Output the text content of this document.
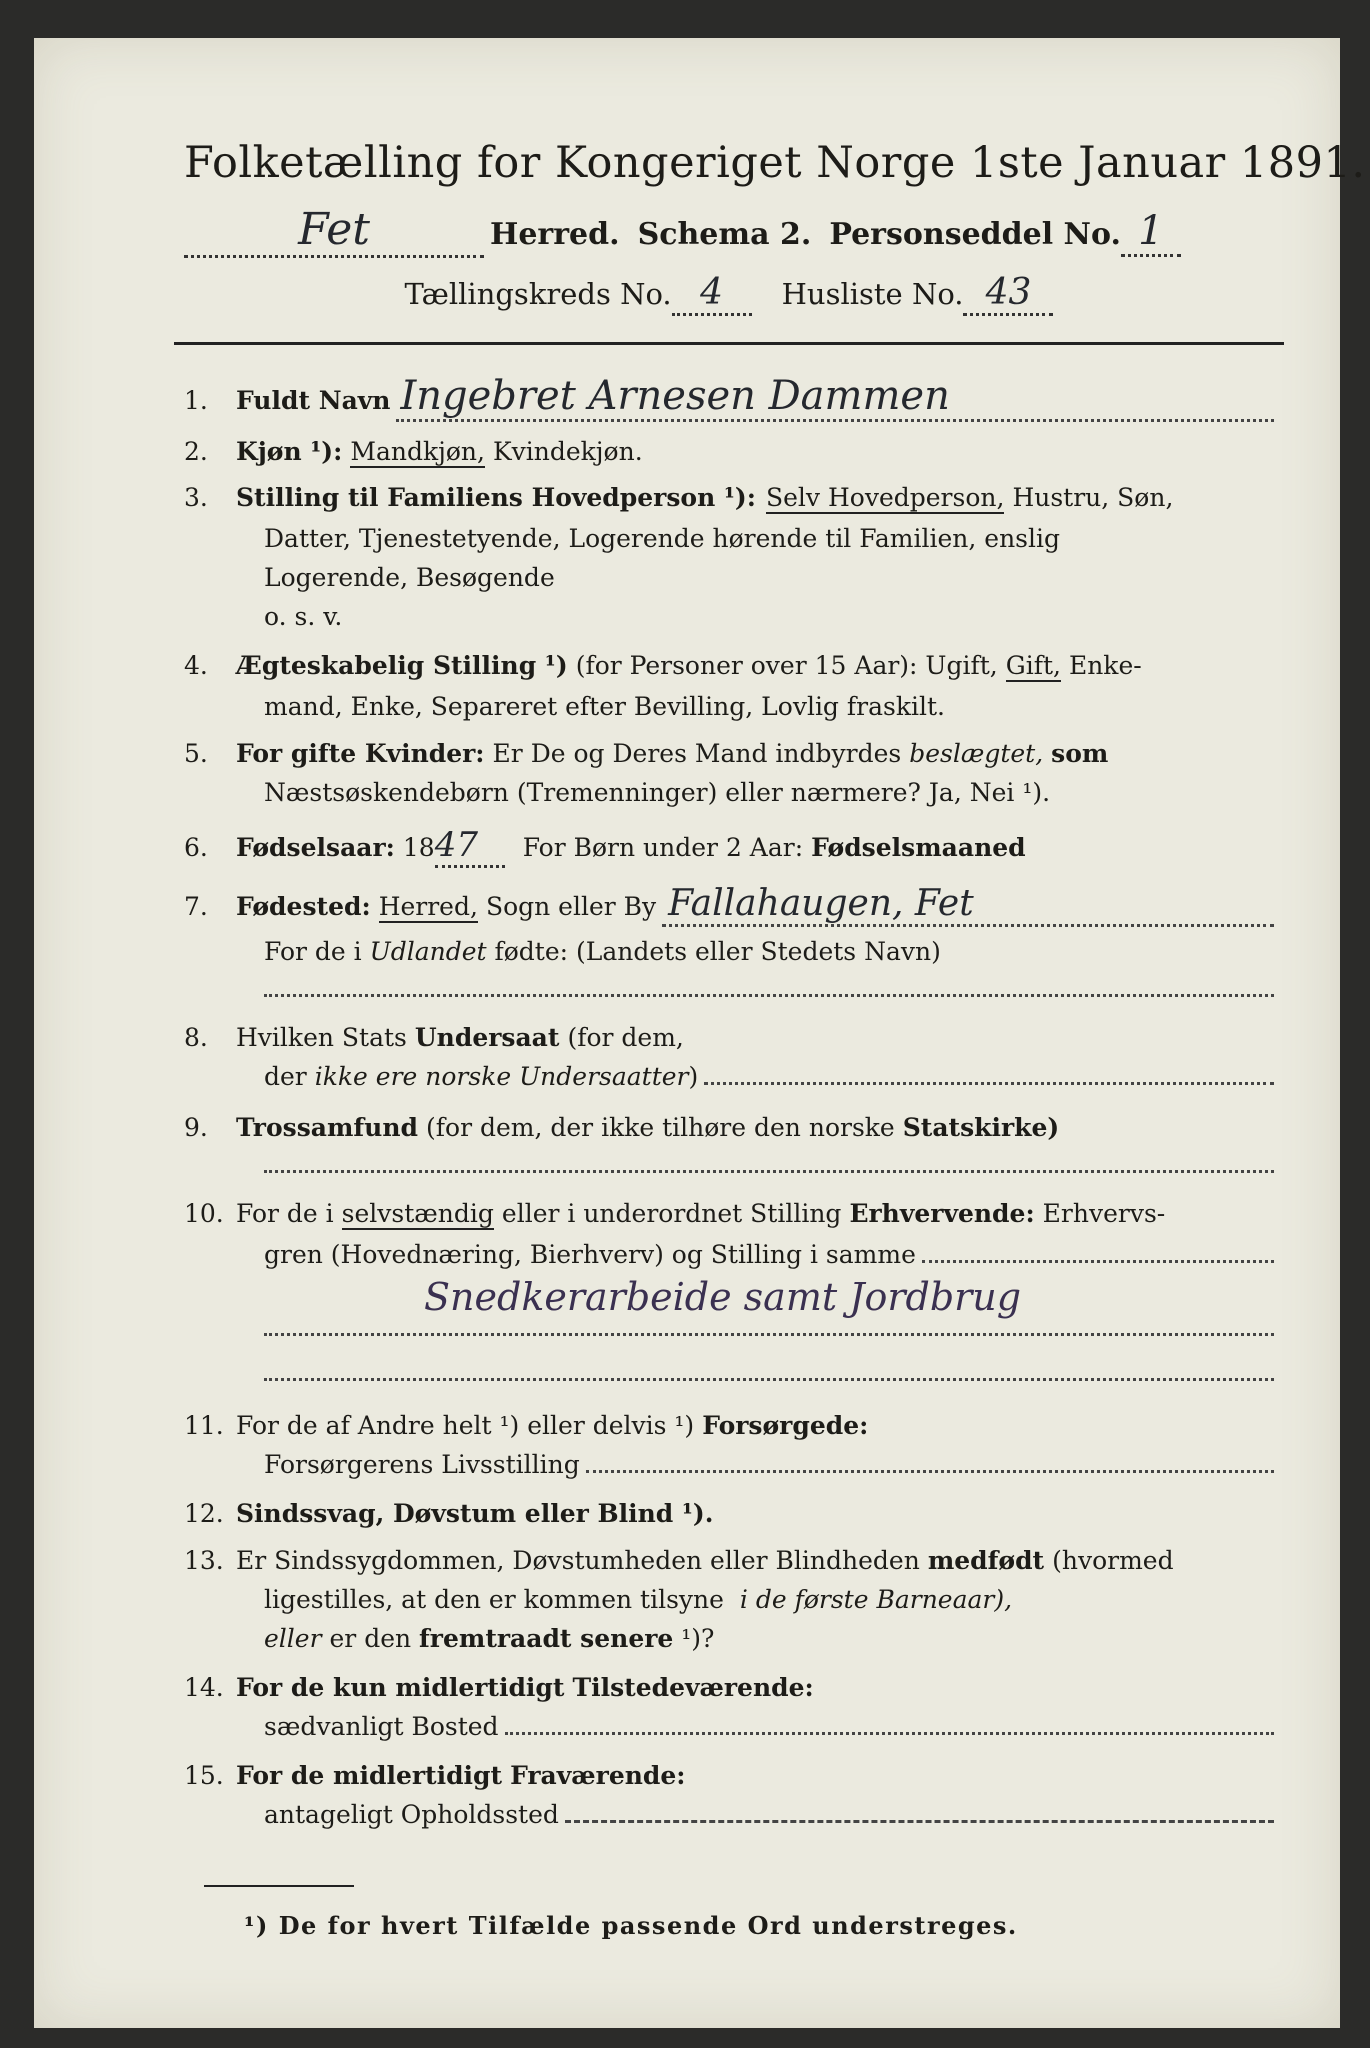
Folketælling for Kongeriget Norge 1ste Januar 1891.
Fet	Herred. Schema 2. Personseddel No. 1
Tællingskreds No. 4	Husliste No. 43
1.	Fuldt Navn Ingebret Arnesen Dammen
2.	Kjøn ¹): Mandkjøn, Kvindekjøn.
3.	Stilling til Familiens Hovedperson ¹): Selv Hovedperson, Hustru, Søn,
Datter, Tjenestetyende, Logerende hørende til Familien, enslig
Logerende, Besøgende
o. s. v.
4.	Ægteskabelig Stilling ¹) (for Personer over 15 Aar): Ugift, Gift, Enke-
mand, Enke, Separeret efter Bevilling, Lovlig fraskilt.
5.	For gifte Kvinder: Er De og Deres Mand indbyrdes beslægtet, som
Næstsøskendebørn (Tremenninger) eller nærmere? Ja, Nei ¹).
6.	Fødselsaar: 18 47	For Børn under 2 Aar: Fødselsmaaned
7.	Fødested: Herred, Sogn eller By Fallahaugen, Fet
For de i Udlandet fødte: (Landets eller Stedets Navn)
8.	Hvilken Stats Undersaat (for dem,
der ikke ere norske Undersaatter )
9.	Trossamfund (for dem, der ikke tilhøre den norske Statskirke)
10. For de i selvstændig eller i underordnet Stilling Erhvervende: Erhvervs-
gren (Hovednæring, Bierhverv) og Stilling i samme
Snedkerarbeide samt Jordbrug
11. For de af Andre helt ¹) eller delvis ¹) Forsørgede:
Forsørgerens Livsstilling
12. Sindssvag, Døvstum eller Blind ¹).
13. Er Sindssygdommen, Døvstumheden eller Blindheden medfødt (hvormed
ligestilles, at den er kommen tilsyne i de første Barneaar),
eller er den fremtraadt senere ¹)?
14. For de kun midlertidigt Tilstedeværende:
sædvanligt Bosted
15. For de midlertidigt Fraværende:
antageligt Opholdssted
¹) De for hvert Tilfælde passende Ord understreges.
